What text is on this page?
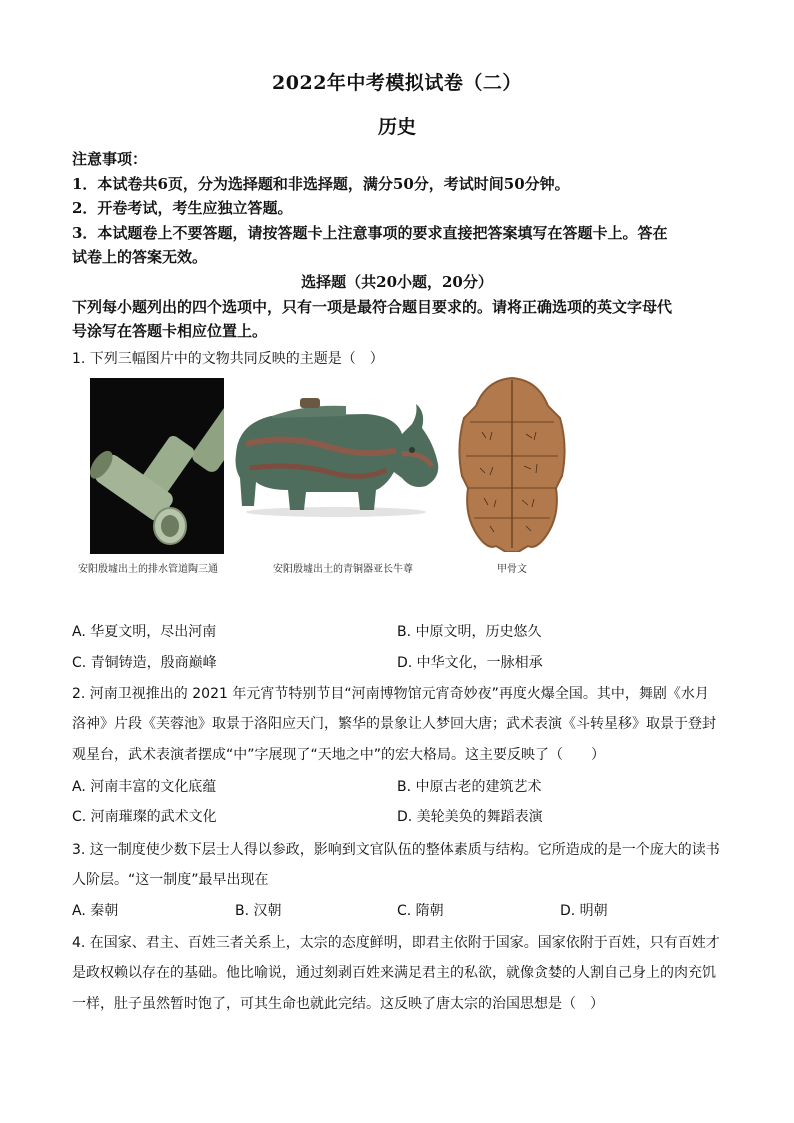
2022年中考模拟试卷（二）
历史
注意事项：
1．本试卷共6页，分为选择题和非选择题，满分50分，考试时间50分钟。
2．开卷考试，考生应独立答题。
3．本试题卷上不要答题，请按答题卡上注意事项的要求直接把答案填写在答题卡上。答在
试卷上的答案无效。
选择题（共20小题，20分）
下列每小题列出的四个选项中，只有一项是最符合题目要求的。请将正确选项的英文字母代
号涂写在答题卡相应位置上。
1. 下列三幅图片中的文物共同反映的主题是（　）
安阳殷墟出土的排水管道陶三通	安阳殷墟出土的青铜器亚长牛尊	甲骨文
A. 华夏文明，尽出河南	B. 中原文明，历史悠久
C. 青铜铸造，殷商巅峰	D. 中华文化，一脉相承
2. 河南卫视推出的 2021 年元宵节特别节目“河南博物馆元宵奇妙夜”再度火爆全国。其中，舞剧《水月
洛神》片段《芙蓉池》取景于洛阳应天门，繁华的景象让人梦回大唐；武术表演《斗转星移》取景于登封
观星台，武术表演者摆成“中”字展现了“天地之中”的宏大格局。这主要反映了（　　）
A. 河南丰富的文化底蕴	B. 中原古老的建筑艺术
C. 河南璀璨的武术文化	D. 美轮美奂的舞蹈表演
3. 这一制度使少数下层士人得以参政，影响到文官队伍的整体素质与结构。它所造成的是一个庞大的读书
人阶层。“这一制度”最早出现在
A. 秦朝	B. 汉朝	C. 隋朝	D. 明朝
4. 在国家、君主、百姓三者关系上，太宗的态度鲜明，即君主依附于国家。国家依附于百姓，只有百姓才
是政权赖以存在的基础。他比喻说，通过刻剥百姓来满足君主的私欲，就像贪婪的人割自己身上的肉充饥
一样，肚子虽然暂时饱了，可其生命也就此完结。这反映了唐太宗的治国思想是（　）
